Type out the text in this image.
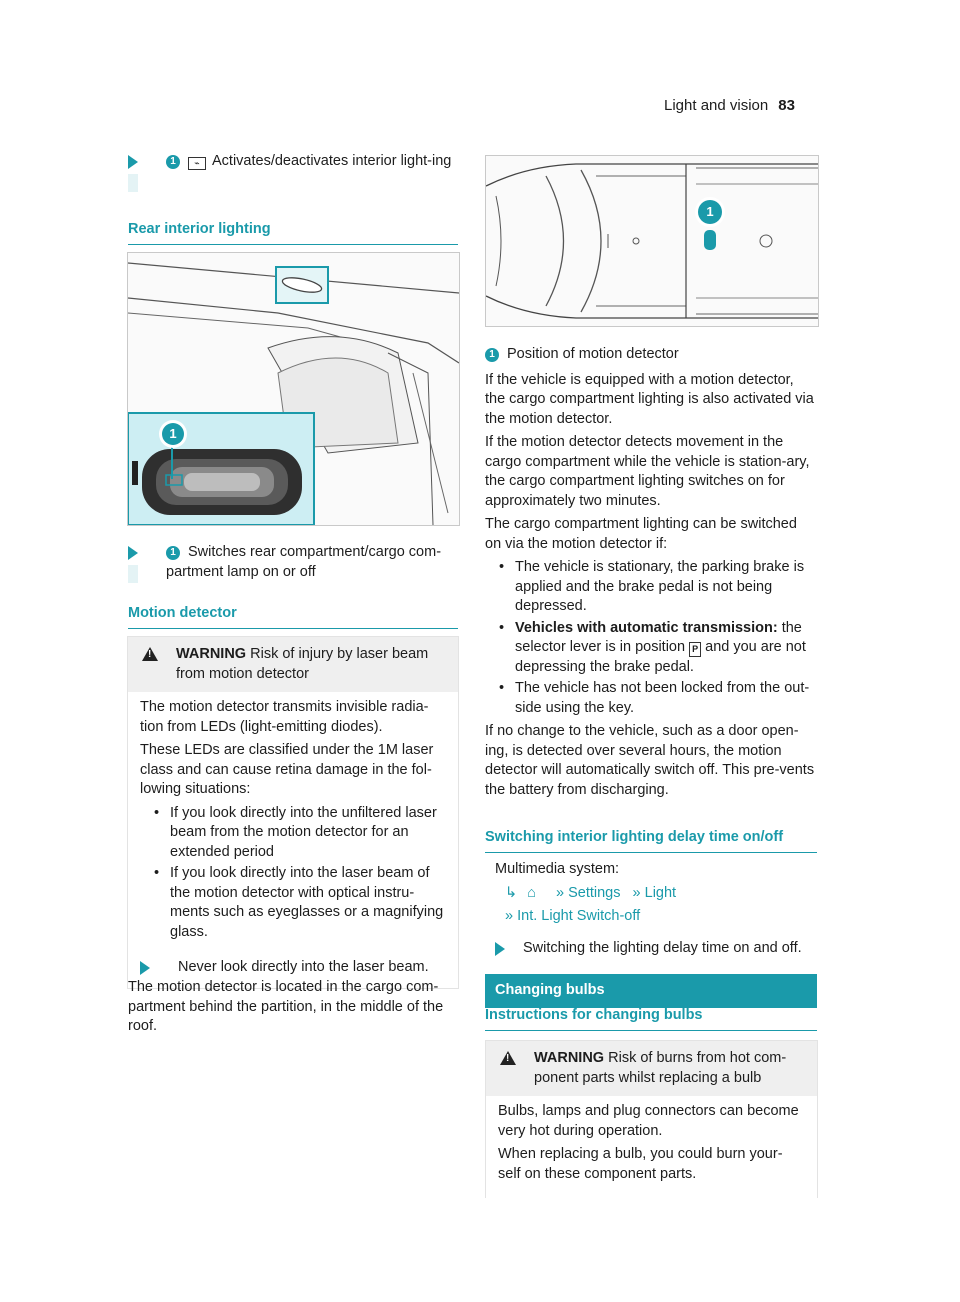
Light and vision 83
1 ⌁ Activates/deactivates interior light-ing
Rear interior lighting
1
1 Switches rear compartment/cargo com-partment lamp on or off
Motion detector
!
WARNING Risk of injury by laser beam from motion detector

The motion detector transmits invisible radia-tion from LEDs (light-emitting diodes).

These LEDs are classified under the 1M laser class and can cause retina damage in the fol-lowing situations:

• If you look directly into the unfiltered laser beam from the motion detector for an extended period
• If you look directly into the laser beam of the motion detector with optical instru-ments such as eyeglasses or a magnifying glass.
Never look directly into the laser beam.

The motion detector is located in the cargo com-partment behind the partition, in the middle of the roof.

1

1 Position of motion detector

If the vehicle is equipped with a motion detector, the cargo compartment lighting is also activated via the motion detector.

If the motion detector detects movement in the cargo compartment while the vehicle is station-ary, the cargo compartment lighting switches on for approximately two minutes.

The cargo compartment lighting can be switched on via the motion detector if:

• The vehicle is stationary, the parking brake is applied and the brake pedal is not being depressed.
• Vehicles with automatic transmission: the selector lever is in position P and you are not depressing the brake pedal.
• The vehicle has not been locked from the out-side using the key.

If no change to the vehicle, such as a door open-ing, is detected over several hours, the motion detector will automatically switch off. This pre-vents the battery from discharging.

Switching interior lighting delay time on/off

Multimedia system:

↳ ⌂ » Settings » Light

» Int. Light Switch-off

Switching the lighting delay time on and off.
Changing bulbs
Instructions for changing bulbs
!
WARNING Risk of burns from hot com-ponent parts whilst replacing a bulb

Bulbs, lamps and plug connectors can become very hot during operation.

When replacing a bulb, you could burn your-self on these component parts.
